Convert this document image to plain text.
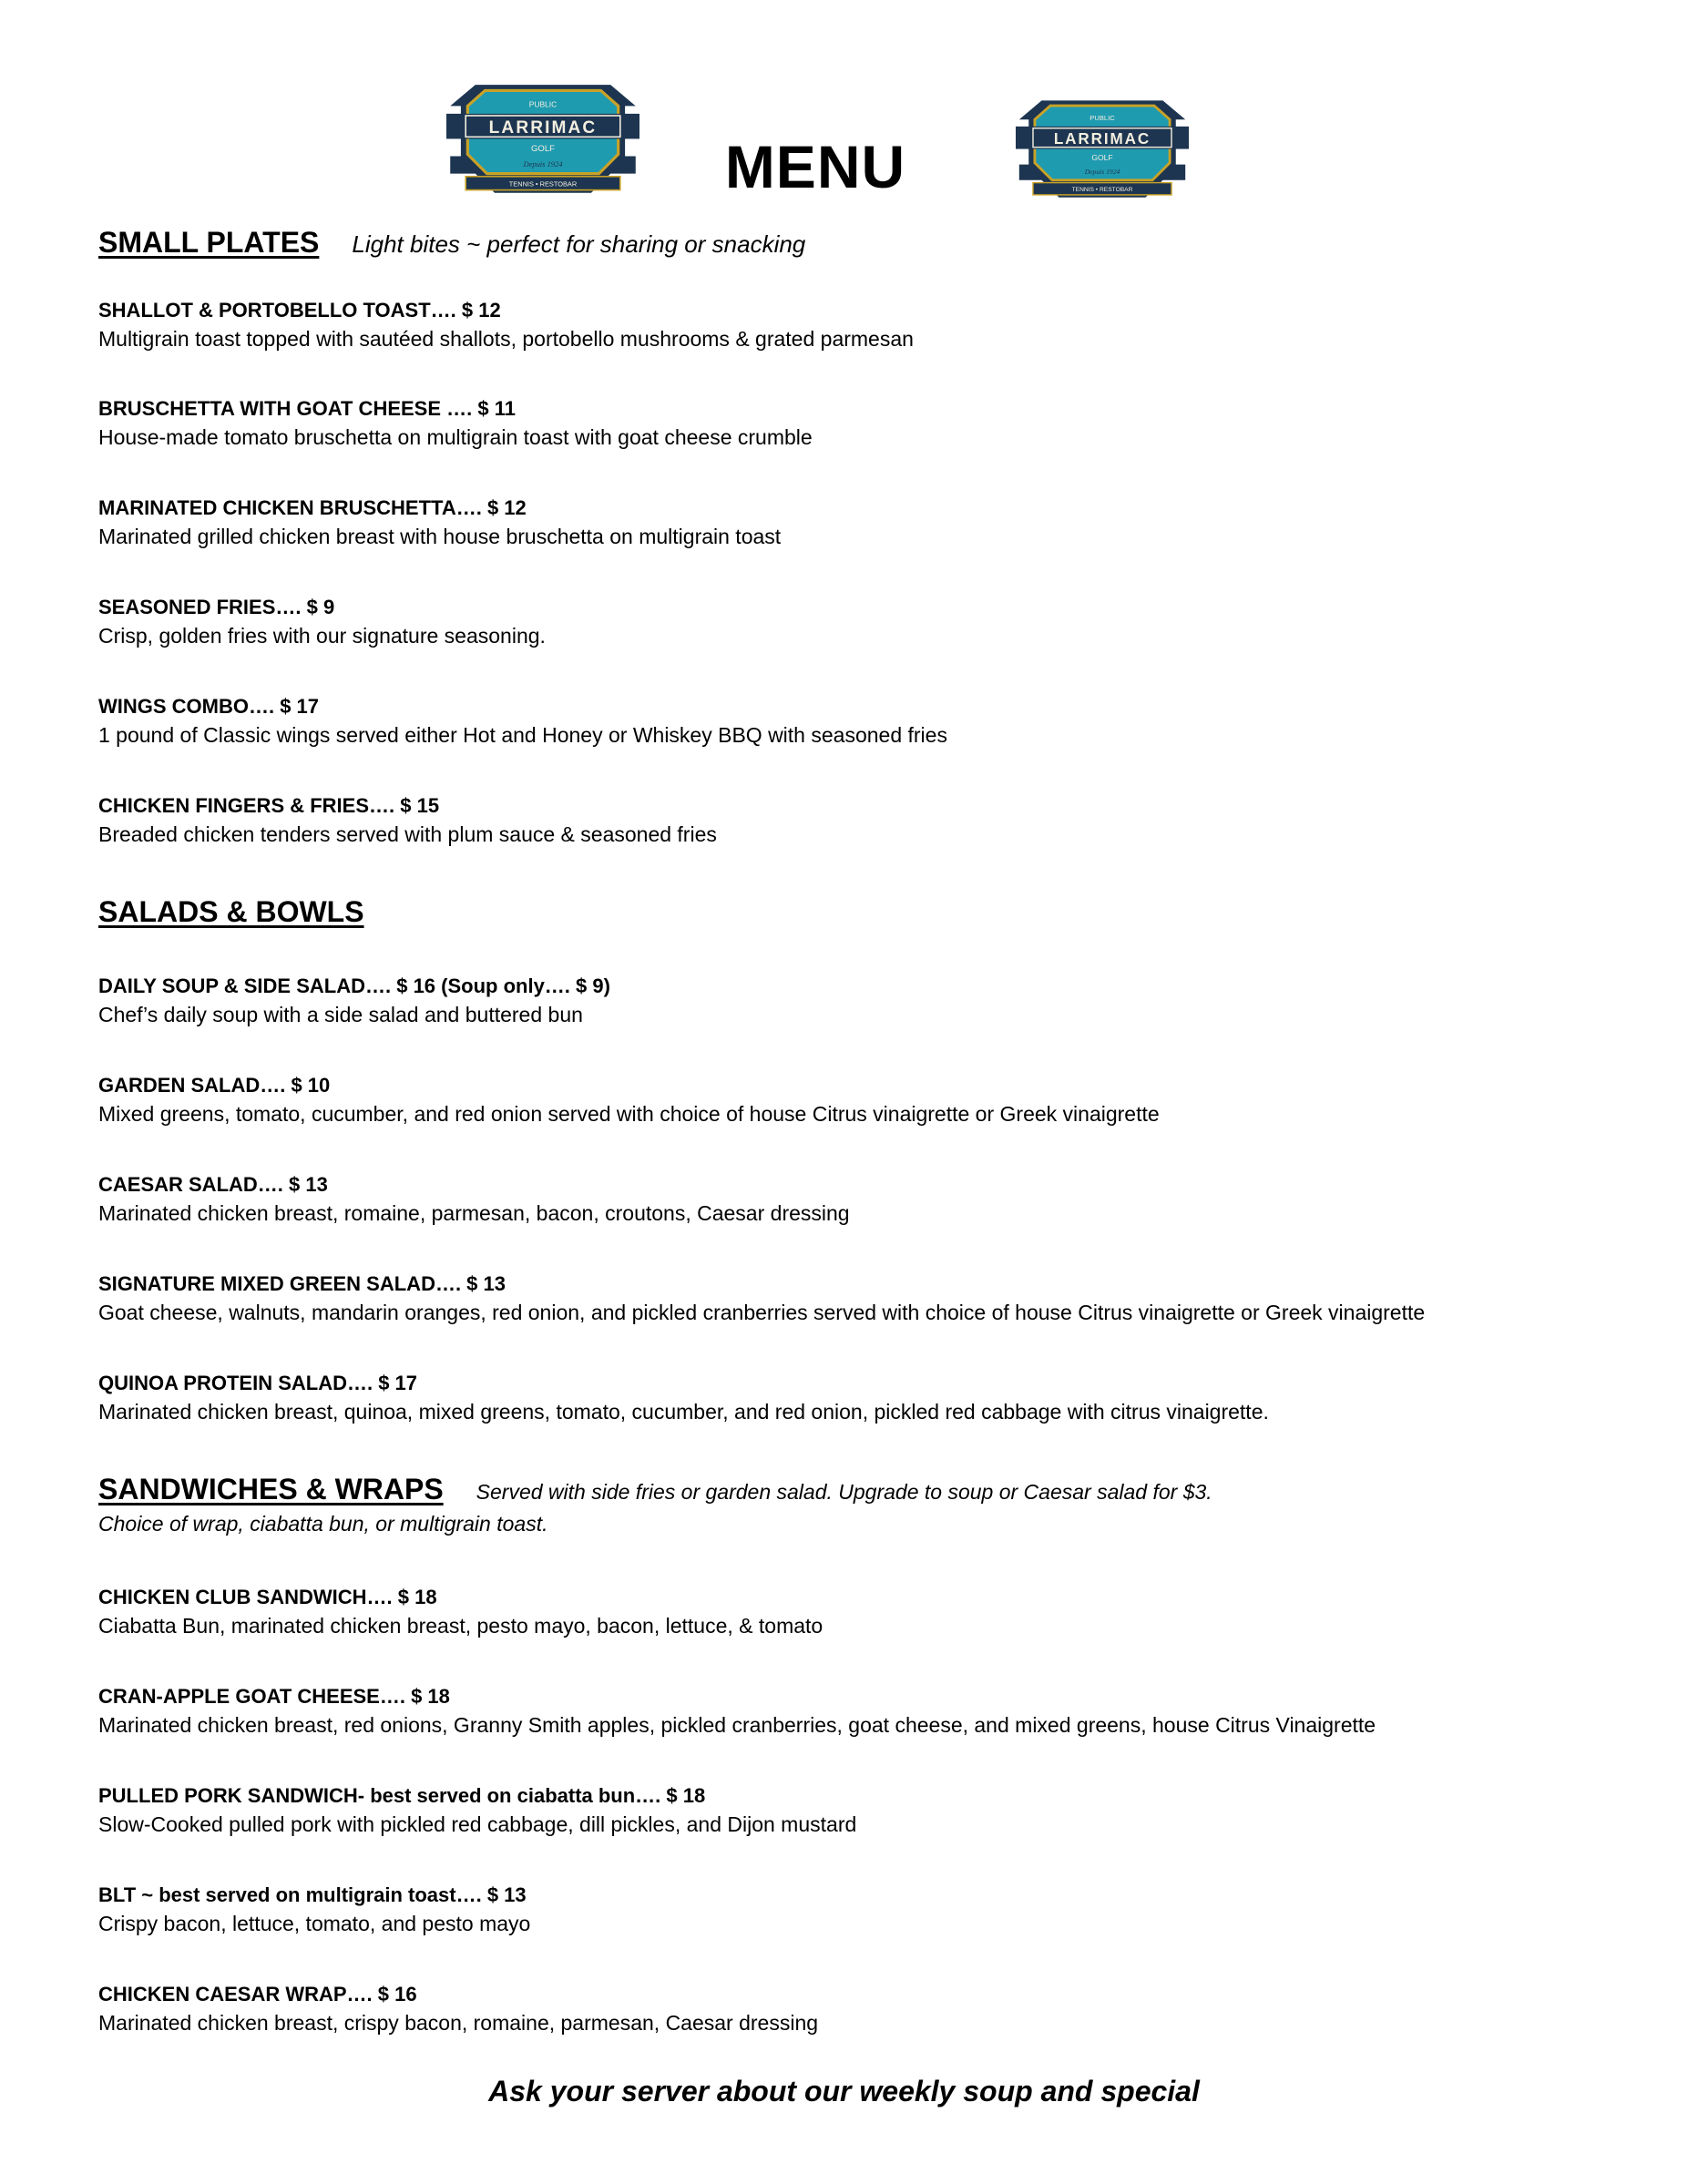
PUBLIC
LARRIMAC
GOLF
Depuis 1924
TENNIS • RESTOBAR MENU
PUBLIC
LARRIMAC
GOLF
Depuis 1924
TENNIS • RESTOBAR
SMALL PLATES Light bites ~ perfect for sharing or snacking
SHALLOT & PORTOBELLO TOAST…. $ 12
Multigrain toast topped with sautéed shallots, portobello mushrooms & grated parmesan
BRUSCHETTA WITH GOAT CHEESE …. $ 11
House-made tomato bruschetta on multigrain toast with goat cheese crumble
MARINATED CHICKEN BRUSCHETTA…. $ 12
Marinated grilled chicken breast with house bruschetta on multigrain toast
SEASONED FRIES…. $ 9
Crisp, golden fries with our signature seasoning.
WINGS COMBO…. $ 17
1 pound of Classic wings served either Hot and Honey or Whiskey BBQ with seasoned fries
CHICKEN FINGERS & FRIES…. $ 15
Breaded chicken tenders served with plum sauce & seasoned fries
SALADS & BOWLS
DAILY SOUP & SIDE SALAD…. $ 16 (Soup only…. $ 9)
Chef’s daily soup with a side salad and buttered bun
GARDEN SALAD…. $ 10
Mixed greens, tomato, cucumber, and red onion served with choice of house Citrus vinaigrette or Greek vinaigrette
CAESAR SALAD…. $ 13
Marinated chicken breast, romaine, parmesan, bacon, croutons, Caesar dressing
SIGNATURE MIXED GREEN SALAD…. $ 13
Goat cheese, walnuts, mandarin oranges, red onion, and pickled cranberries served with choice of house Citrus vinaigrette or Greek vinaigrette
QUINOA PROTEIN SALAD…. $ 17
Marinated chicken breast, quinoa, mixed greens, tomato, cucumber, and red onion, pickled red cabbage with citrus vinaigrette.
SANDWICHES & WRAPS Served with side fries or garden salad. Upgrade to soup or Caesar salad for $3.
Choice of wrap, ciabatta bun, or multigrain toast.
CHICKEN CLUB SANDWICH…. $ 18
Ciabatta Bun, marinated chicken breast, pesto mayo, bacon, lettuce, & tomato
CRAN-APPLE GOAT CHEESE…. $ 18
Marinated chicken breast, red onions, Granny Smith apples, pickled cranberries, goat cheese, and mixed greens, house Citrus Vinaigrette
PULLED PORK SANDWICH- best served on ciabatta bun…. $ 18
Slow-Cooked pulled pork with pickled red cabbage, dill pickles, and Dijon mustard
BLT ~ best served on multigrain toast…. $ 13
Crispy bacon, lettuce, tomato, and pesto mayo
CHICKEN CAESAR WRAP…. $ 16
Marinated chicken breast, crispy bacon, romaine, parmesan, Caesar dressing
Ask your server about our weekly soup and special
